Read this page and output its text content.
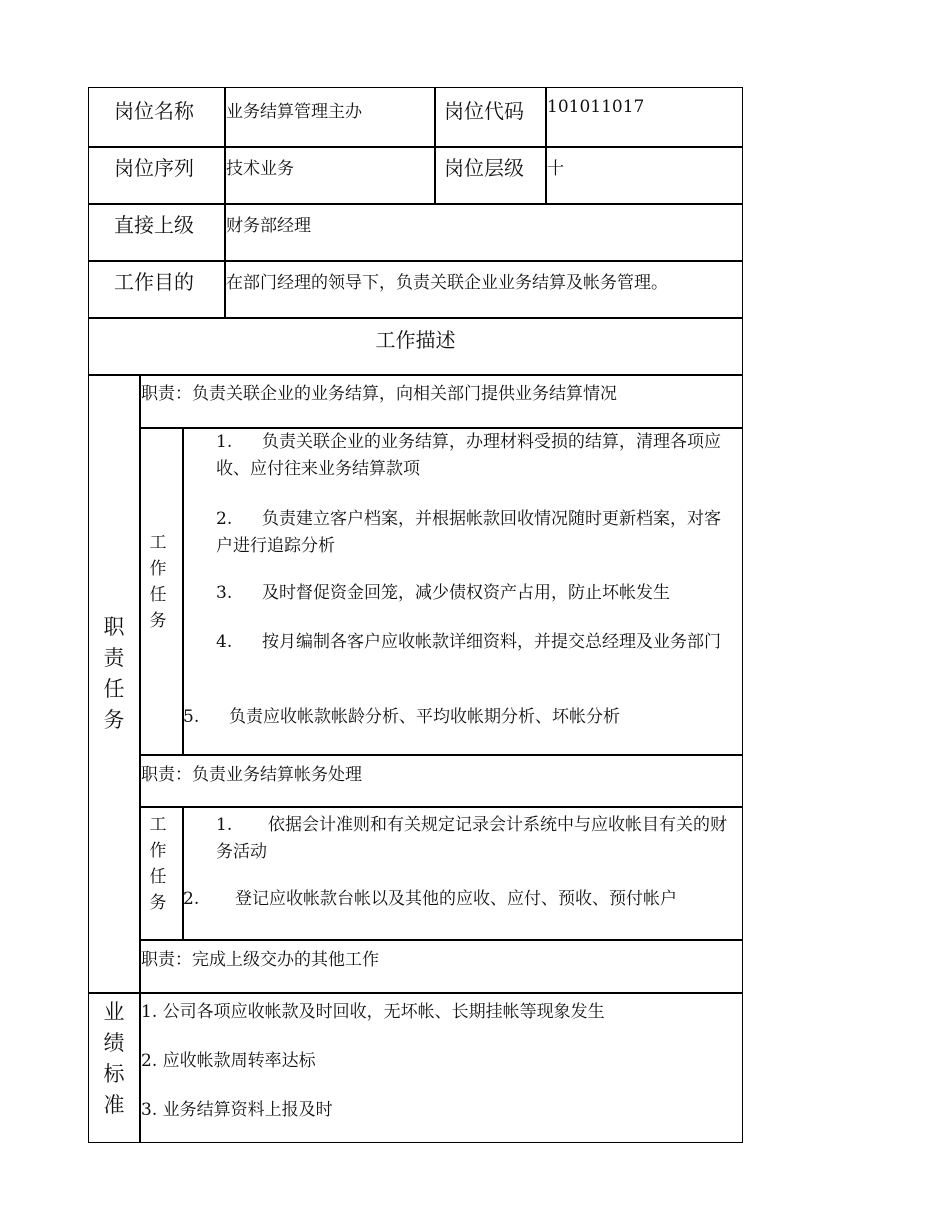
岗位名称 业务结算管理主办	岗位代码 101011017
岗位序列 技术业务	岗位层级 十
直接上级 财务部经理
工作目的 在部门经理的领导下，负责关联企业业务结算及帐务管理。
工作描述
职责任务
职责：负责关联企业的业务结算，向相关部门提供业务结算情况
工作任务
1. 负责关联企业的业务结算，办理材料受损的结算，清理各项应收、应付往来业务结算款项
2. 负责建立客户档案，并根据帐款回收情况随时更新档案，对客户进行追踪分析
3. 及时督促资金回笼，减少债权资产占用，防止坏帐发生
4. 按月编制各客户应收帐款详细资料，并提交总经理及业务部门
5. 负责应收帐款帐龄分析、平均收帐期分析、坏帐分析
职责：负责业务结算帐务处理
工作任务
1. 依据会计准则和有关规定记录会计系统中与应收帐目有关的财务活动
2. 登记应收帐款台帐以及其他的应收、应付、预收、预付帐户
职责：完成上级交办的其他工作
业绩标准
1. 公司各项应收帐款及时回收，无坏帐、长期挂帐等现象发生
2. 应收帐款周转率达标
3. 业务结算资料上报及时
